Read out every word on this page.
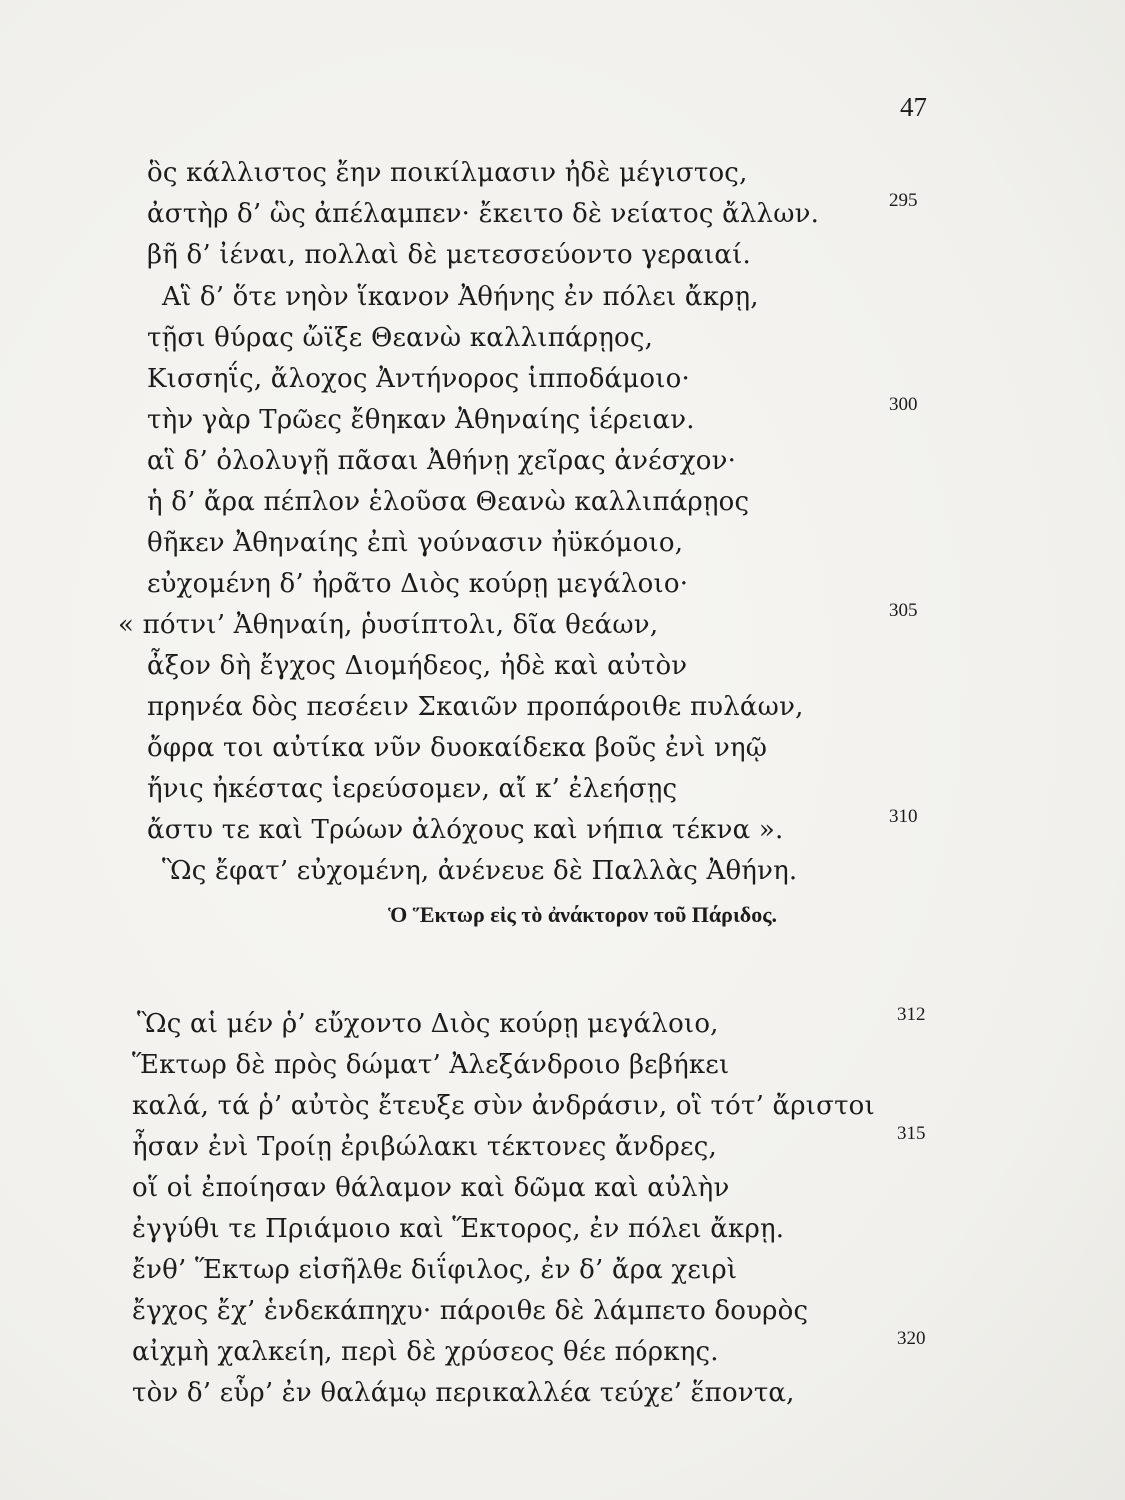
47
ὃς κάλλιστος ἔην ποικίλμασιν ἠδὲ μέγιστος,
ἀστὴρ δ’ ὣς ἀπέλαμπεν· ἔκειτο δὲ νείατος ἄλλων.
βῆ δ’ ἰέναι, πολλαὶ δὲ μετεσσεύοντο γεραιαί.
Αἳ δ’ ὅτε νηὸν ἵκανον Ἀθήνης ἐν πόλει ἄκρῃ,
τῇσι θύρας ὤϊξε Θεανὼ καλλιπάρῃος,
Κισσηΐς, ἄλοχος Ἀντήνορος ἱπποδάμοιο·
τὴν γὰρ Τρῶες ἔθηκαν Ἀθηναίης ἱέρειαν.
αἳ δ’ ὀλολυγῇ πᾶσαι Ἀθήνῃ χεῖρας ἀνέσχον·
ἡ δ’ ἄρα πέπλον ἑλοῦσα Θεανὼ καλλιπάρῃος
θῆκεν Ἀθηναίης ἐπὶ γούνασιν ἠϋκόμοιο,
εὐχομένη δ’ ἠρᾶτο Διὸς κούρῃ μεγάλοιο·
« πότνι’ Ἀθηναίη, ῥυσίπτολι, δῖα θεάων,
ἆξον δὴ ἔγχος Διομήδεος, ἠδὲ καὶ αὐτὸν
πρηνέα δὸς πεσέειν Σκαιῶν προπάροιθε πυλάων,
ὄφρα τοι αὐτίκα νῦν δυοκαίδεκα βοῦς ἐνὶ νηῷ
ἤνις ἠκέστας ἱερεύσομεν, αἴ κ’ ἐλεήσῃς
ἄστυ τε καὶ Τρώων ἀλόχους καὶ νήπια τέκνα ».
Ὣς ἔφατ’ εὐχομένη, ἀνένευε δὲ Παλλὰς Ἀθήνη.
295
300
305
310
Ὁ Ἕκτωρ εἰς τὸ ἀνάκτορον τοῦ Πάριδος.
Ὣς αἱ μέν ῥ’ εὔχοντο Διὸς κούρῃ μεγάλοιο,
Ἕκτωρ δὲ πρὸς δώματ’ Ἀλεξάνδροιο βεβήκει
καλά, τά ῥ’ αὐτὸς ἔτευξε σὺν ἀνδράσιν, οἳ τότ’ ἄριστοι
ἦσαν ἐνὶ Τροίῃ ἐριβώλακι τέκτονες ἄνδρες,
οἵ οἱ ἐποίησαν θάλαμον καὶ δῶμα καὶ αὐλὴν
ἐγγύθι τε Πριάμοιο καὶ Ἕκτορος, ἐν πόλει ἄκρῃ.
ἔνθ’ Ἕκτωρ εἰσῆλθε διΐφιλος, ἐν δ’ ἄρα χειρὶ
ἔγχος ἔχ’ ἑνδεκάπηχυ· πάροιθε δὲ λάμπετο δουρὸς
αἰχμὴ χαλκείη, περὶ δὲ χρύσεος θέε πόρκης.
τὸν δ’ εὗρ’ ἐν θαλάμῳ περικαλλέα τεύχε’ ἕποντα,
312
315
320
